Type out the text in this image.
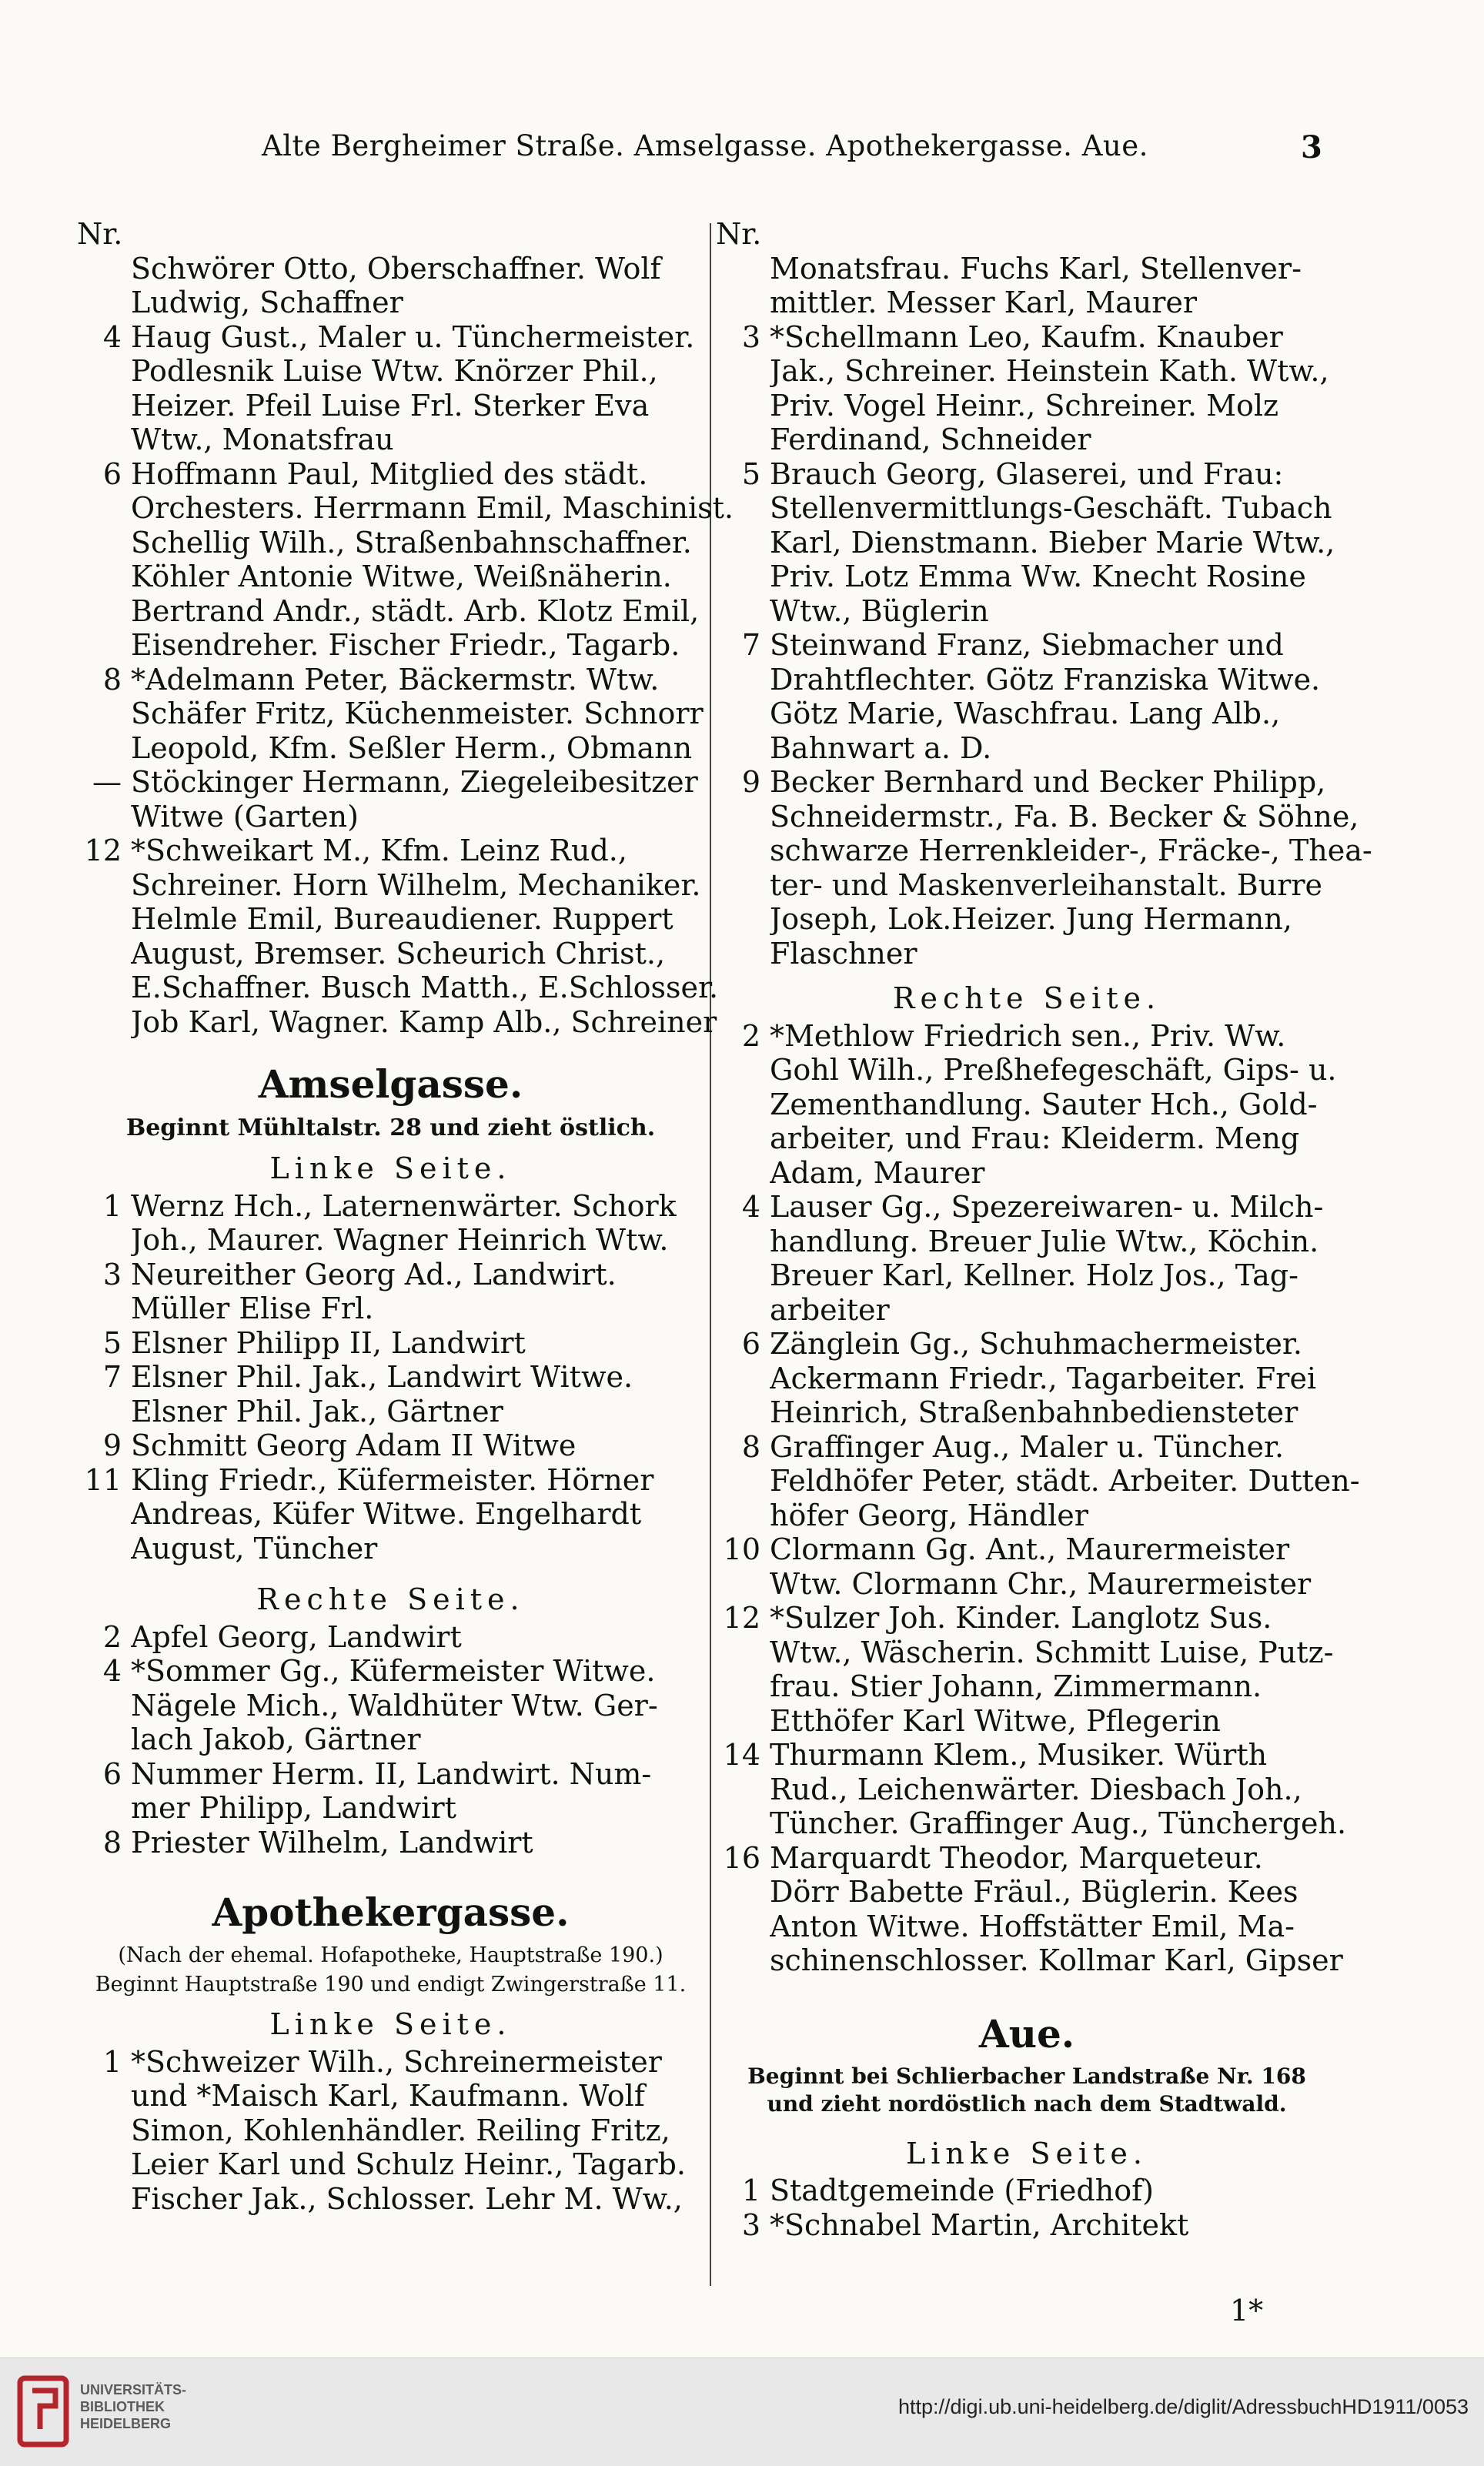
Alte Bergheimer Straße. Amselgasse. Apothekergasse. Aue.	3
Nr.
Schwörer Otto, Oberschaffner. Wolf
Ludwig, Schaffner
4 Haug Gust., Maler u. Tünchermeister.
Podlesnik Luise Wtw. Knörzer Phil.,
Heizer. Pfeil Luise Frl. Sterker Eva
Wtw., Monatsfrau
6 Hoffmann Paul, Mitglied des städt.
Orchesters. Herrmann Emil, Maschinist.
Schellig Wilh., Straßenbahnschaffner.
Köhler Antonie Witwe, Weißnäherin.
Bertrand Andr., städt. Arb. Klotz Emil,
Eisendreher. Fischer Friedr., Tagarb.
8 *Adelmann Peter, Bäckermstr. Wtw.
Schäfer Fritz, Küchenmeister. Schnorr
Leopold, Kfm. Seßler Herm., Obmann
— Stöckinger Hermann, Ziegeleibesitzer
Witwe (Garten)
12 *Schweikart M., Kfm. Leinz Rud.,
Schreiner. Horn Wilhelm, Mechaniker.
Helmle Emil, Bureaudiener. Ruppert
August, Bremser. Scheurich Christ.,
E.Schaffner. Busch Matth., E.Schlosser.
Job Karl, Wagner. Kamp Alb., Schreiner
Amselgasse.
Beginnt Mühltalstr. 28 und zieht östlich.
Linke Seite.
1 Wernz Hch., Laternenwärter. Schork
Joh., Maurer. Wagner Heinrich Wtw.
3 Neureither Georg Ad., Landwirt.
Müller Elise Frl.
5 Elsner Philipp II, Landwirt
7 Elsner Phil. Jak., Landwirt Witwe.
Elsner Phil. Jak., Gärtner
9 Schmitt Georg Adam II Witwe
11 Kling Friedr., Küfermeister. Hörner
Andreas, Küfer Witwe. Engelhardt
August, Tüncher
Rechte Seite.
2 Apfel Georg, Landwirt
4 *Sommer Gg., Küfermeister Witwe.
Nägele Mich., Waldhüter Wtw. Ger-
lach Jakob, Gärtner
6 Nummer Herm. II, Landwirt. Num-
mer Philipp, Landwirt
8 Priester Wilhelm, Landwirt
Apothekergasse.
(Nach der ehemal. Hofapotheke, Hauptstraße 190.)
Beginnt Hauptstraße 190 und endigt Zwingerstraße 11.
Linke Seite.
1 *Schweizer Wilh., Schreinermeister
und *Maisch Karl, Kaufmann. Wolf
Simon, Kohlenhändler. Reiling Fritz,
Leier Karl und Schulz Heinr., Tagarb.
Fischer Jak., Schlosser. Lehr M. Ww.,
Nr.
Monatsfrau. Fuchs Karl, Stellenver-
mittler. Messer Karl, Maurer
3 *Schellmann Leo, Kaufm. Knauber
Jak., Schreiner. Heinstein Kath. Wtw.,
Priv. Vogel Heinr., Schreiner. Molz
Ferdinand, Schneider
5 Brauch Georg, Glaserei, und Frau:
Stellenvermittlungs-Geschäft. Tubach
Karl, Dienstmann. Bieber Marie Wtw.,
Priv. Lotz Emma Ww. Knecht Rosine
Wtw., Büglerin
7 Steinwand Franz, Siebmacher und
Drahtflechter. Götz Franziska Witwe.
Götz Marie, Waschfrau. Lang Alb.,
Bahnwart a. D.
9 Becker Bernhard und Becker Philipp,
Schneidermstr., Fa. B. Becker & Söhne,
schwarze Herrenkleider-, Fräcke-, Thea-
ter- und Maskenverleihanstalt. Burre
Joseph, Lok.Heizer. Jung Hermann,
Flaschner
Rechte Seite.
2 *Methlow Friedrich sen., Priv. Ww.
Gohl Wilh., Preßhefegeschäft, Gips- u.
Zementhandlung. Sauter Hch., Gold-
arbeiter, und Frau: Kleiderm. Meng
Adam, Maurer
4 Lauser Gg., Spezereiwaren- u. Milch-
handlung. Breuer Julie Wtw., Köchin.
Breuer Karl, Kellner. Holz Jos., Tag-
arbeiter
6 Zänglein Gg., Schuhmachermeister.
Ackermann Friedr., Tagarbeiter. Frei
Heinrich, Straßenbahnbediensteter
8 Graffinger Aug., Maler u. Tüncher.
Feldhöfer Peter, städt. Arbeiter. Dutten-
höfer Georg, Händler
10 Clormann Gg. Ant., Maurermeister
Wtw. Clormann Chr., Maurermeister
12 *Sulzer Joh. Kinder. Langlotz Sus.
Wtw., Wäscherin. Schmitt Luise, Putz-
frau. Stier Johann, Zimmermann.
Etthöfer Karl Witwe, Pflegerin
14 Thurmann Klem., Musiker. Würth
Rud., Leichenwärter. Diesbach Joh.,
Tüncher. Graffinger Aug., Tünchergeh.
16 Marquardt Theodor, Marqueteur.
Dörr Babette Fräul., Büglerin. Kees
Anton Witwe. Hoffstätter Emil, Ma-
schinenschlosser. Kollmar Karl, Gipser
Aue.
Beginnt bei Schlierbacher Landstraße Nr. 168
und zieht nordöstlich nach dem Stadtwald.
Linke Seite.
1 Stadtgemeinde (Friedhof)
3 *Schnabel Martin, Architekt
1*
UNIVERSITÄTS-
BIBLIOTHEK
HEIDELBERG
http://digi.ub.uni-heidelberg.de/diglit/AdressbuchHD1911/0053
